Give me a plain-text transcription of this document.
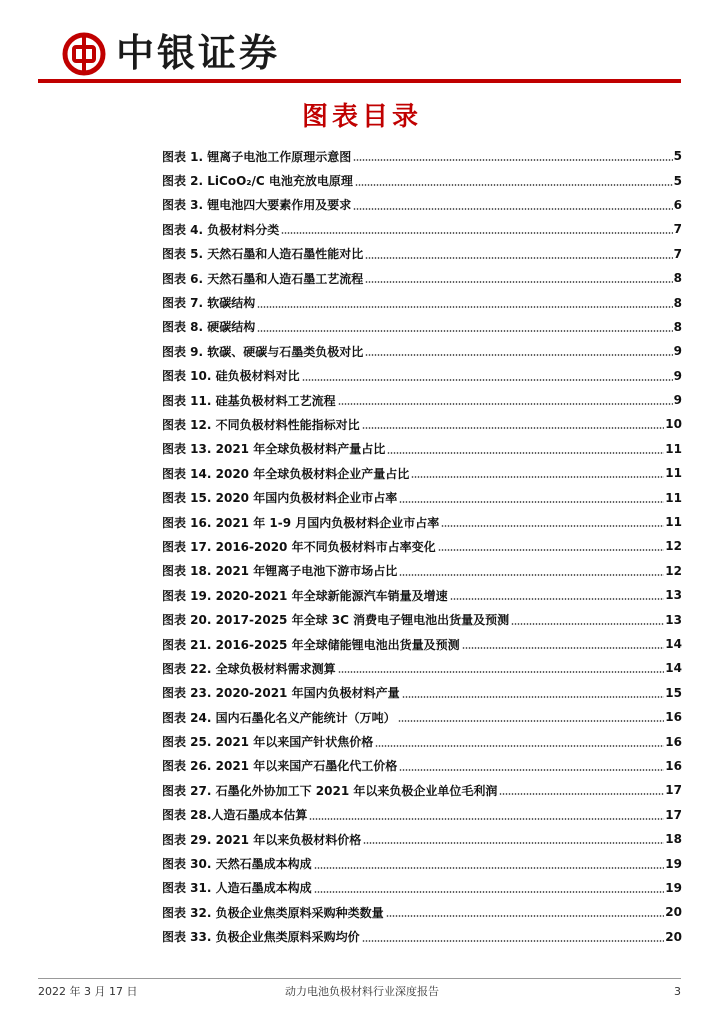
中银证券
图表目录
图表 1. 锂离子电池工作原理示意图	5
图表 2. LiCoO₂/C 电池充放电原理	5
图表 3. 锂电池四大要素作用及要求	6
图表 4. 负极材料分类	7
图表 5. 天然石墨和人造石墨性能对比	7
图表 6. 天然石墨和人造石墨工艺流程	8
图表 7. 软碳结构	8
图表 8. 硬碳结构	8
图表 9. 软碳、硬碳与石墨类负极对比	9
图表 10. 硅负极材料对比	9
图表 11. 硅基负极材料工艺流程	9
图表 12. 不同负极材料性能指标对比	10
图表 13. 2021 年全球负极材料产量占比	11
图表 14. 2020 年全球负极材料企业产量占比	11
图表 15. 2020 年国内负极材料企业市占率	11
图表 16. 2021 年 1-9 月国内负极材料企业市占率	11
图表 17. 2016-2020 年不同负极材料市占率变化	12
图表 18. 2021 年锂离子电池下游市场占比	12
图表 19. 2020-2021 年全球新能源汽车销量及增速	13
图表 20. 2017-2025 年全球 3C 消费电子锂电池出货量及预测	13
图表 21. 2016-2025 年全球储能锂电池出货量及预测	14
图表 22. 全球负极材料需求测算	14
图表 23. 2020-2021 年国内负极材料产量	15
图表 24. 国内石墨化名义产能统计（万吨）	16
图表 25. 2021 年以来国产针状焦价格	16
图表 26. 2021 年以来国产石墨化代工价格	16
图表 27. 石墨化外协加工下 2021 年以来负极企业单位毛利润	17
图表 28.人造石墨成本估算	17
图表 29. 2021 年以来负极材料价格	18
图表 30. 天然石墨成本构成	19
图表 31. 人造石墨成本构成	19
图表 32. 负极企业焦类原料采购种类数量	20
图表 33. 负极企业焦类原料采购均价	20
2022 年 3 月 17 日	动力电池负极材料行业深度报告	3
